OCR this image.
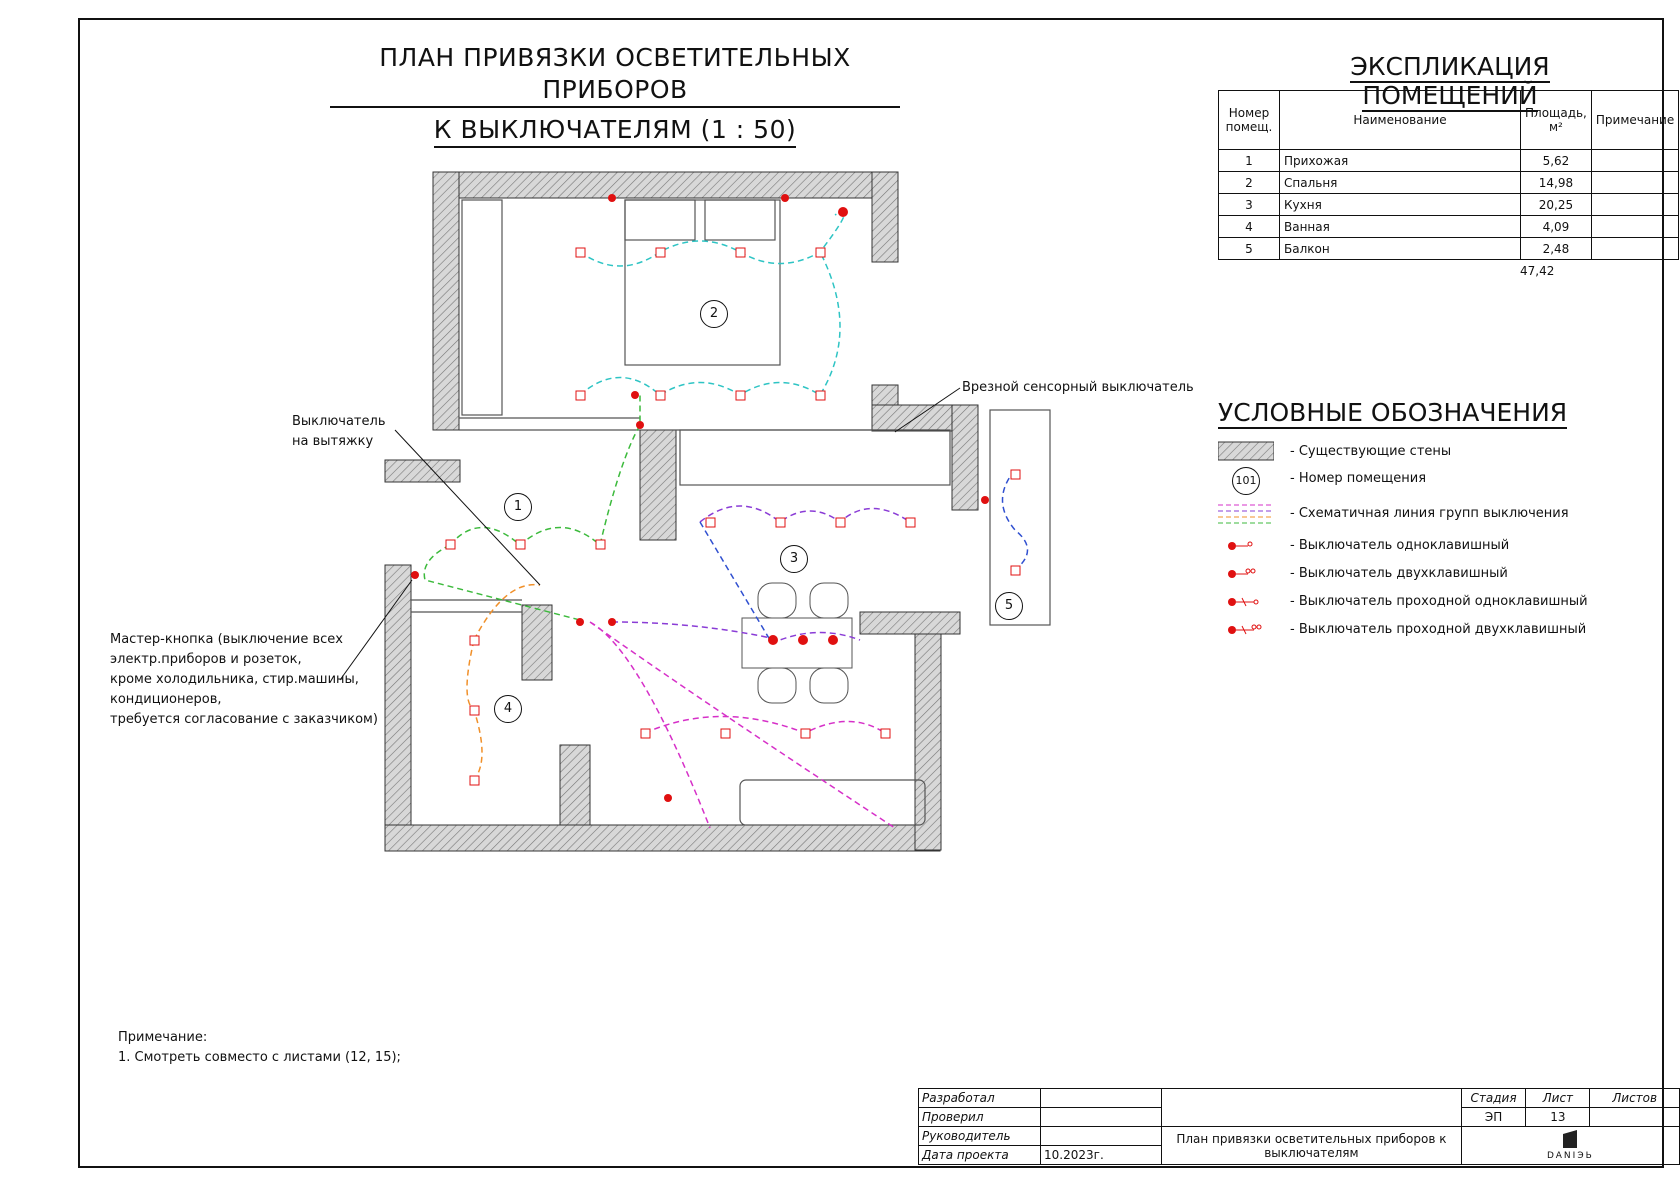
ПЛАН ПРИВЯЗКИ ОСВЕТИТЕЛЬНЫХ ПРИБОРОВ
К ВЫКЛЮЧАТЕЛЯМ (1 : 50)
2
1
3
4
5
Выключатель
на вытяжку
Врезной сенсорный выключатель
Мастер-кнопка (выключение всех
электр.приборов и розеток,
кроме холодильника, стир.машины,
кондиционеров,
требуется согласование с заказчиком)
ЭКСПЛИКАЦИЯ ПОМЕЩЕНИЙ
Номер
помещ.	Наименование	Площадь,
м²	Примечание
1	Прихожая	5,62	
2	Спальня	14,98	
3	Кухня	20,25	
4	Ванная	4,09	
5	Балкон	2,48	
47,42
УСЛОВНЫЕ ОБОЗНАЧЕНИЯ
- Существующие стены
101	- Номер помещения
- Схематичная линия групп выключения
- Выключатель одноклавишный
- Выключатель двухклавишный
- Выключатель проходной одноклавишный
- Выключатель проходной двухклавишный
Примечание:
1. Смотреть совместо с листами (12, 15);
Разработал			Стадия	Лист	Листов
Проверил			ЭП	13	
Руководитель		План привязки осветительных приборов к выключателям	DANIЭЬ		
Дата проекта	10.2023г.				
